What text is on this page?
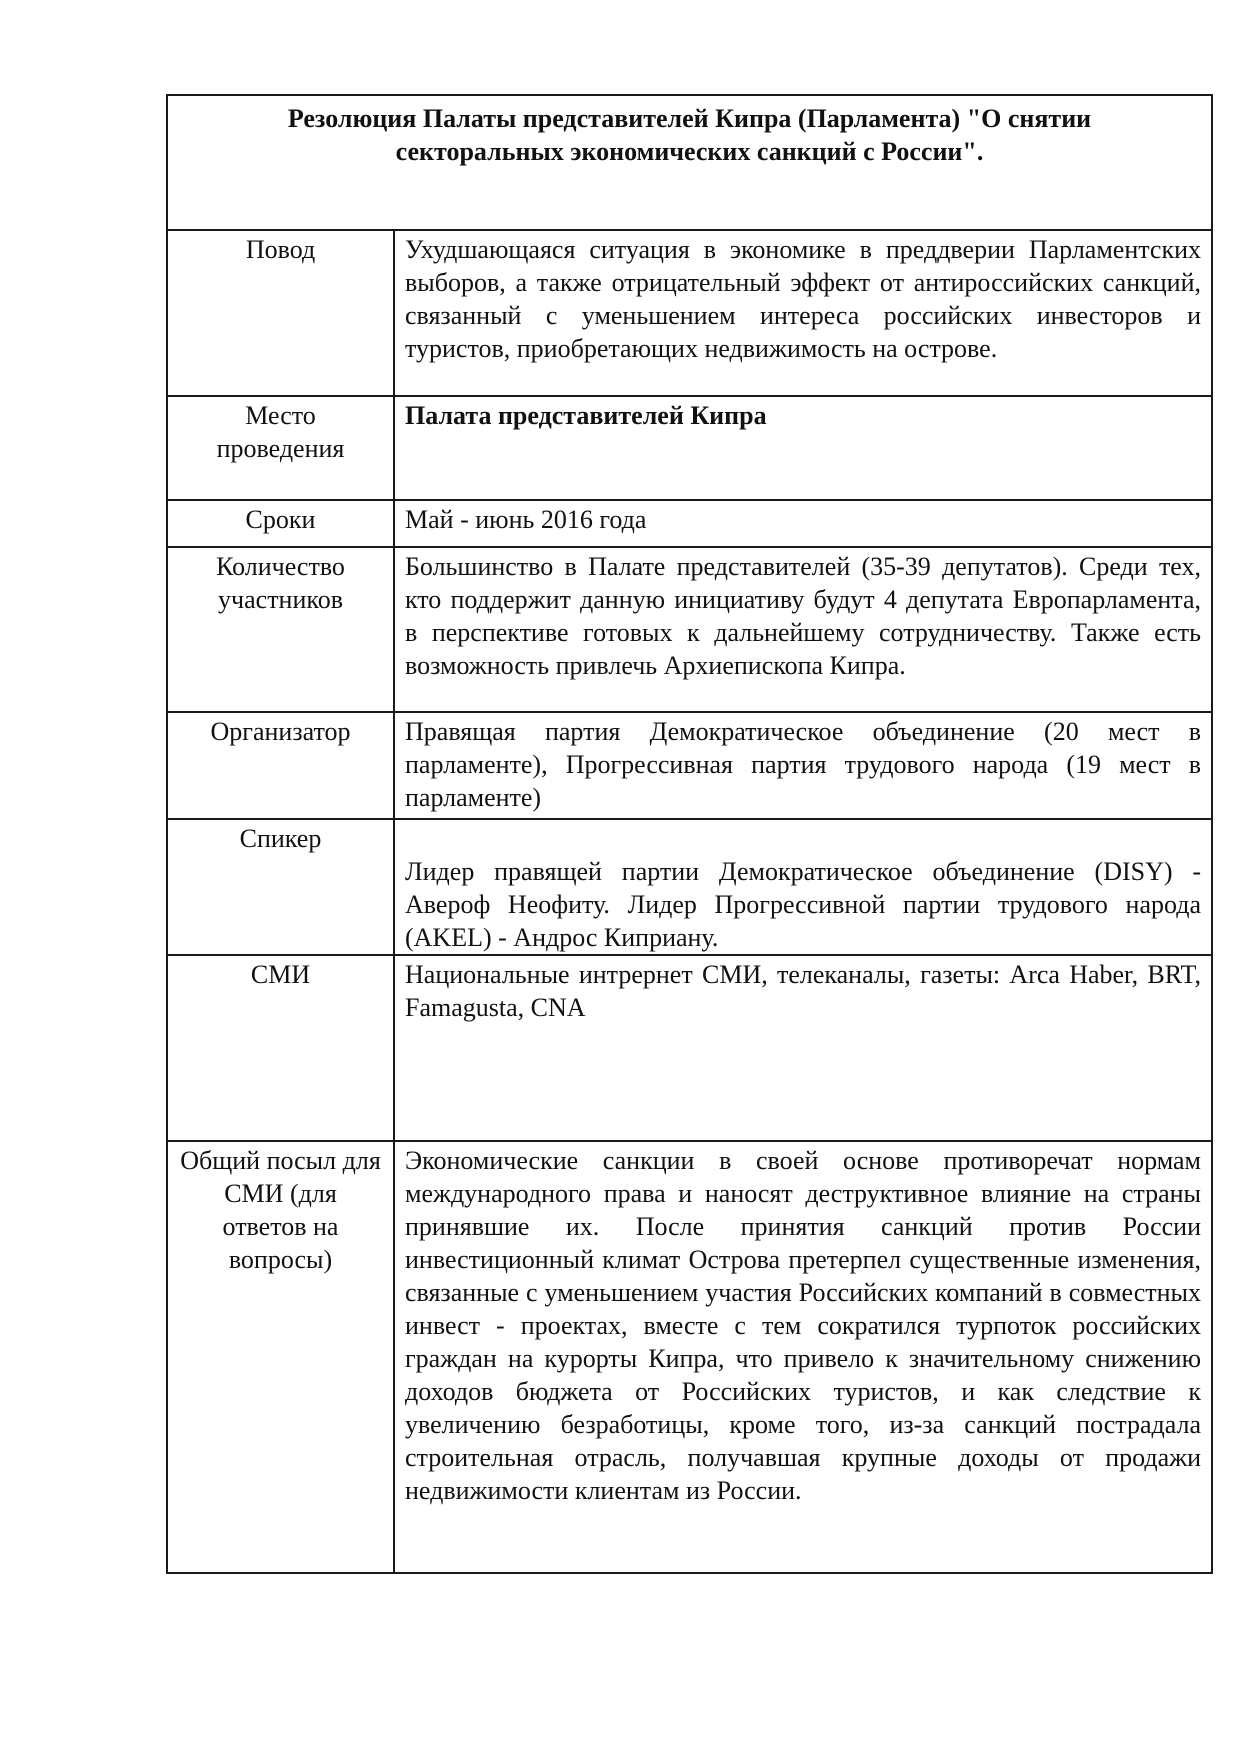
Резолюция Палаты представителей Кипра (Парламента) "О снятии
секторальных экономических санкций с России".	

Повод	Ухудшающаяся ситуация в экономике в преддверии Парламентских выборов, а также отрицательный эффект от антироссийских санкций, связанный с уменьшением интереса российских инвесторов и туристов, приобретающих недвижимость на острове.
Место проведения	Палата представителей Кипра
Сроки	Май - июнь 2016 года
Количество участников	Большинство в Палате представителей (35-39 депутатов). Среди тех, кто поддержит данную инициативу будут 4 депутата Европарламента, в перспективе готовых к дальнейшему сотрудничеству. Также есть возможность привлечь Архиепископа Кипра.
Организатор	Правящая партия Демократическое объединение (20 мест в парламенте), Прогрессивная партия трудового народа (19 мест в парламенте)
Спикер	Лидер правящей партии Демократическое объединение (DISY) - Авероф Неофиту. Лидер Прогрессивной партии трудового народа (AKEL) - Андрос Киприану.
СМИ	Национальные интрернет СМИ, телеканалы, газеты: Arca Haber, BRT, Famagusta, CNA
Общий посыл для СМИ (для ответов на вопросы)	Экономические санкции в своей основе противоречат нормам международного права и наносят деструктивное влияние на страны принявшие их. После принятия санкций против России инвестиционный климат Острова претерпел существенные изменения, связанные с уменьшением участия Российских компаний в совместных инвест - проектах, вместе с тем сократился турпоток российских граждан на курорты Кипра, что привело к значительному снижению доходов бюджета от Российских туристов, и как следствие к увеличению безработицы, кроме того, из-за санкций пострадала строительная отрасль, получавшая крупные доходы от продажи недвижимости клиентам из России.
